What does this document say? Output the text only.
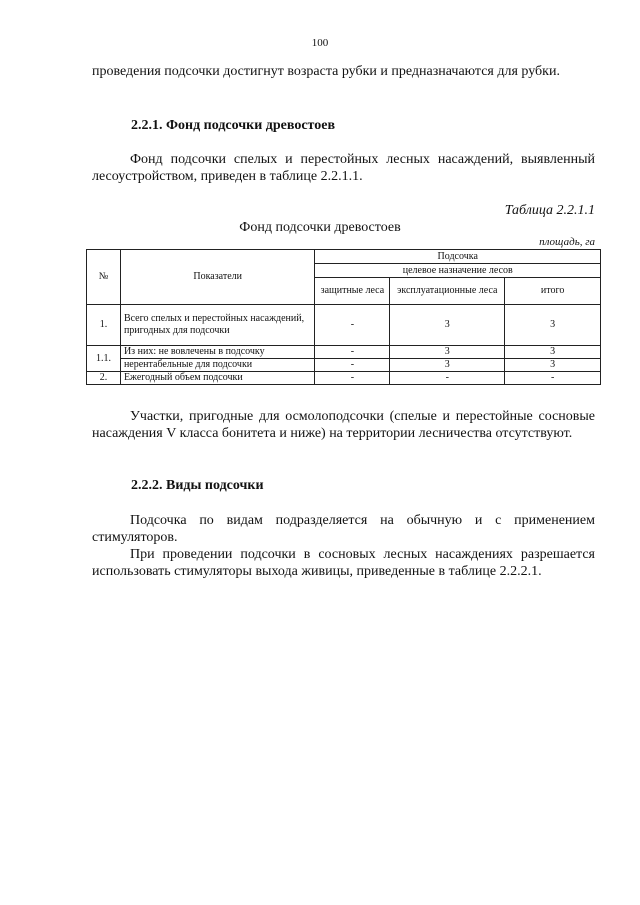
100

проведения подсочки достигнут возраста рубки и предназначаются для рубки.

2.2.1. Фонд подсочки древостоев

Фонд подсочки спелых и перестойных лесных насаждений, выявленный лесоустройством, приведен в таблице 2.2.1.1.

Таблица 2.2.1.1
Фонд подсочки древостоев
площадь, га
№	Показатели	Подсочка		
		целевое назначение лесов		
		защитные леса	эксплуатационные леса	итого
1.	Всего спелых и перестойных насаждений, пригодных для подсочки	-	3	3
1.1.	Из них: не вовлечены в подсочку	-	3	3
	нерентабельные для подсочки	-	3	3
2.	Ежегодный объем подсочки	-	-	-

Участки, пригодные для осмолоподсочки (спелые и перестойные сосновые насаждения V класса бонитета и ниже) на территории лесничества отсутствуют.

2.2.2. Виды подсочки

Подсочка по видам подразделяется на обычную и с применением стимуляторов.

При проведении подсочки в сосновых лесных насаждениях разрешается использовать стимуляторы выхода живицы, приведенные в таблице 2.2.2.1.
